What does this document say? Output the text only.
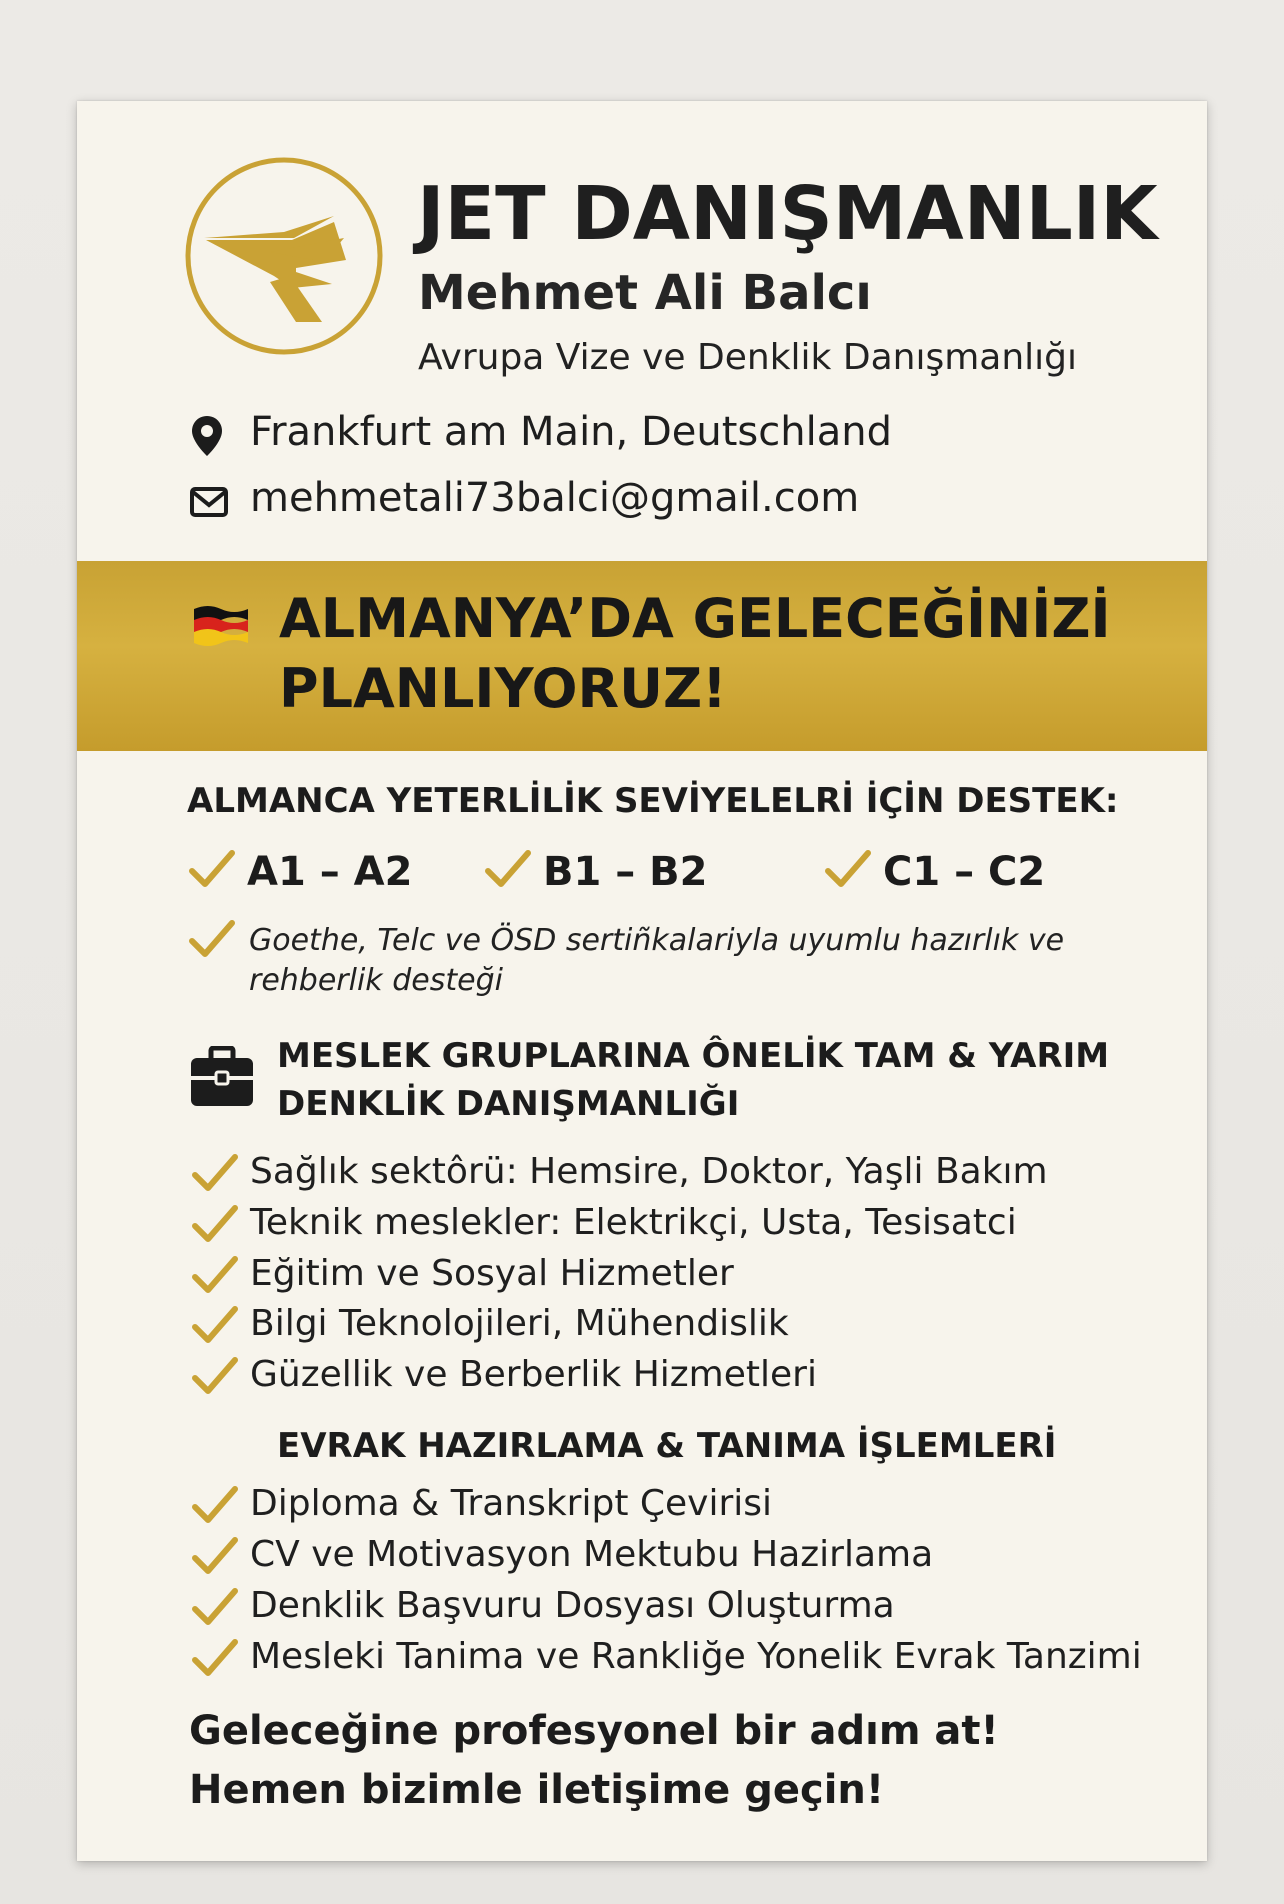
JET DANIŞMANLIK
Mehmet Ali Balcı
Avrupa Vize ve Denklik Danışmanlığı
Frankfurt am Main, Deutschland
mehmetali73balci@gmail.com
ALMANYA’DA GELECEĞİNİZİ
PLANLIYORUZ!
ALMANCA YETERLİLİK SEVİYELELRİ İÇİN DESTEK:
A1 – A2	B1 – B2	C1 – C2
Goethe, Telc ve ÖSD sertiñkalariyla uyumlu hazırlık ve
rehberlik desteği
MESLEK GRUPLARINA ÔNELİK TAM & YARIM
DENKLİK DANIŞMANLIĞI
Sağlık sektôrü: Hemsire, Doktor, Yaşli Bakım
Teknik meslekler: Elektrikçi, Usta, Tesisatci
Eğitim ve Sosyal Hizmetler
Bilgi Teknolojileri, Mühendislik
Güzellik ve Berberlik Hizmetleri
EVRAK HAZIRLAMA & TANIMA İŞLEMLERİ
Diploma & Transkript Çevirisi
CV ve Motivasyon Mektubu Hazirlama
Denklik Başvuru Dosyası Oluşturma
Mesleki Tanima ve Rankliğe Yonelik Evrak Tanzimi
Geleceğine profesyonel bir adım at!
Hemen bizimle iletişime geçin!
